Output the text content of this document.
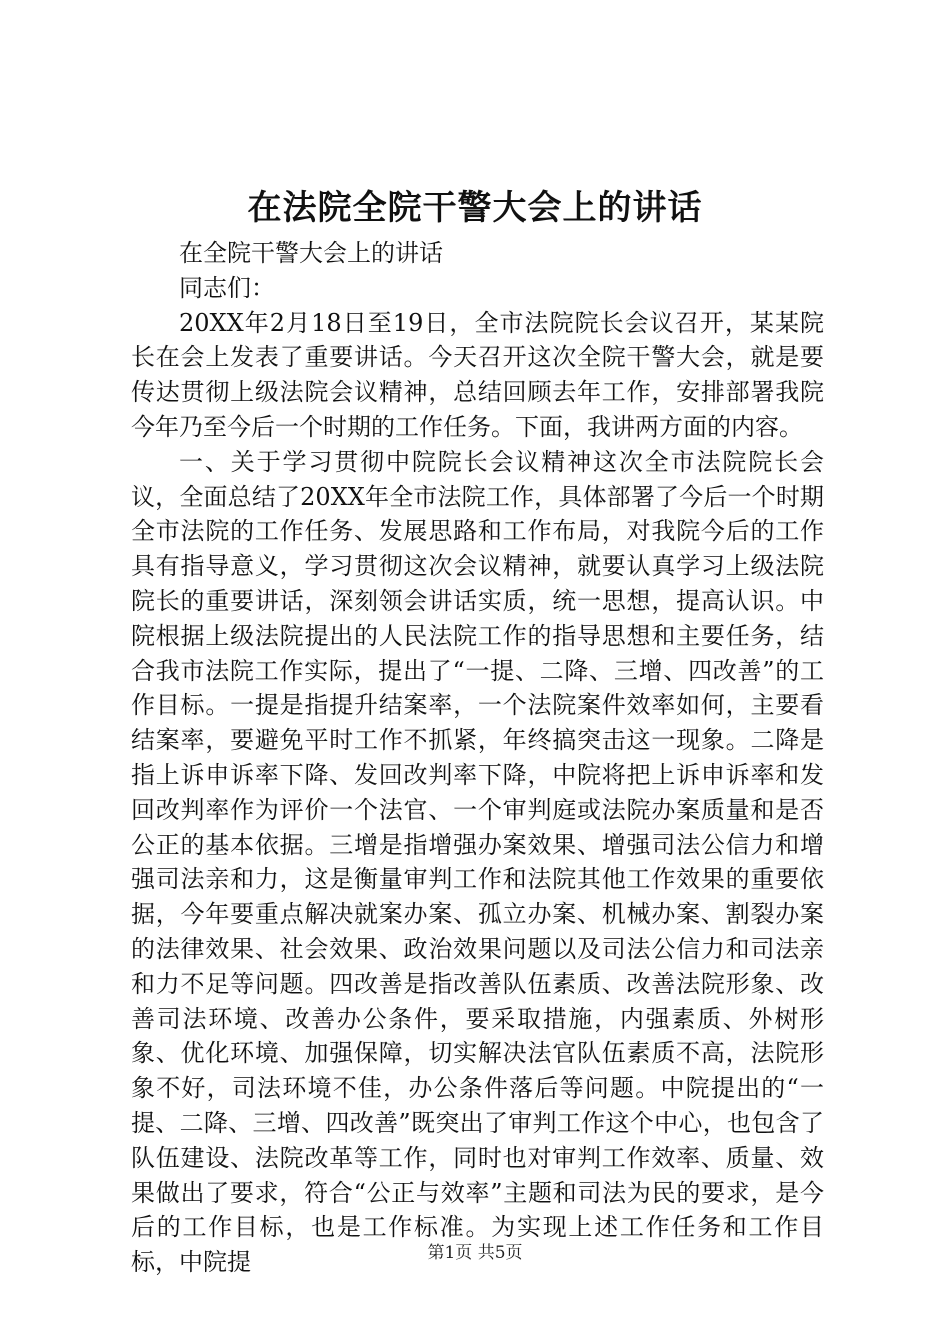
在法院全院干警大会上的讲话

在全院干警大会上的讲话

同志们：

20XX年2月18日至19日，全市法院院长会议召开，某某院长在会上发表了重要讲话。今天召开这次全院干警大会，就是要传达贯彻上级法院会议精神，总结回顾去年工作，安排部署我院今年乃至今后一个时期的工作任务。下面，我讲两方面的内容。

一、关于学习贯彻中院院长会议精神这次全市法院院长会议，全面总结了20XX年全市法院工作，具体部署了今后一个时期全市法院的工作任务、发展思路和工作布局，对我院今后的工作具有指导意义，学习贯彻这次会议精神，就要认真学习上级法院院长的重要讲话，深刻领会讲话实质，统一思想，提高认识。中院根据上级法院提出的人民法院工作的指导思想和主要任务，结合我市法院工作实际，提出了“一提、二降、三增、四改善”的工作目标。一提是指提升结案率，一个法院案件效率如何，主要看结案率，要避免平时工作不抓紧，年终搞突击这一现象。二降是指上诉申诉率下降、发回改判率下降，中院将把上诉申诉率和发回改判率作为评价一个法官、一个审判庭或法院办案质量和是否公正的基本依据。三增是指增强办案效果、增强司法公信力和增强司法亲和力，这是衡量审判工作和法院其他工作效果的重要依据，今年要重点解决就案办案、孤立办案、机械办案、割裂办案的法律效果、社会效果、政治效果问题以及司法公信力和司法亲和力不足等问题。四改善是指改善队伍素质、改善法院形象、改善司法环境、改善办公条件，要采取措施，内强素质、外树形象、优化环境、加强保障，切实解决法官队伍素质不高，法院形象不好，司法环境不佳，办公条件落后等问题。中院提出的“一提、二降、三增、四改善”既突出了审判工作这个中心，也包含了队伍建设、法院改革等工作，同时也对审判工作效率、质量、效果做出了要求，符合“公正与效率”主题和司法为民的要求，是今后的工作目标，也是工作标准。为实现上述工作任务和工作目标，中院提	第1页 共5页
